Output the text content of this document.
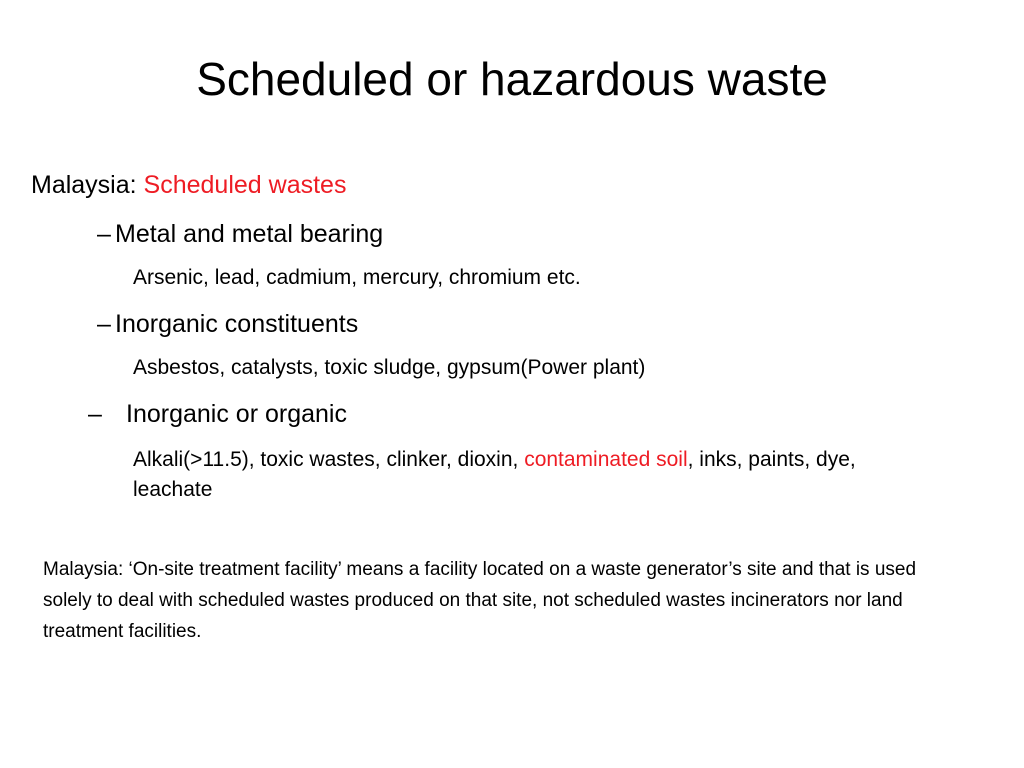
Scheduled or hazardous waste
Malaysia: Scheduled wastes
– Metal and metal bearing
Arsenic, lead, cadmium, mercury, chromium etc.
– Inorganic constituents
Asbestos, catalysts, toxic sludge, gypsum(Power plant)
– Inorganic or organic
Alkali(>11.5), toxic wastes, clinker, dioxin, contaminated soil, inks, paints, dye, leachate
Malaysia: ‘On-site treatment facility’ means a facility located on a waste generator’s site and that is used solely to deal with scheduled wastes produced on that site, not scheduled wastes incinerators nor land treatment facilities.
